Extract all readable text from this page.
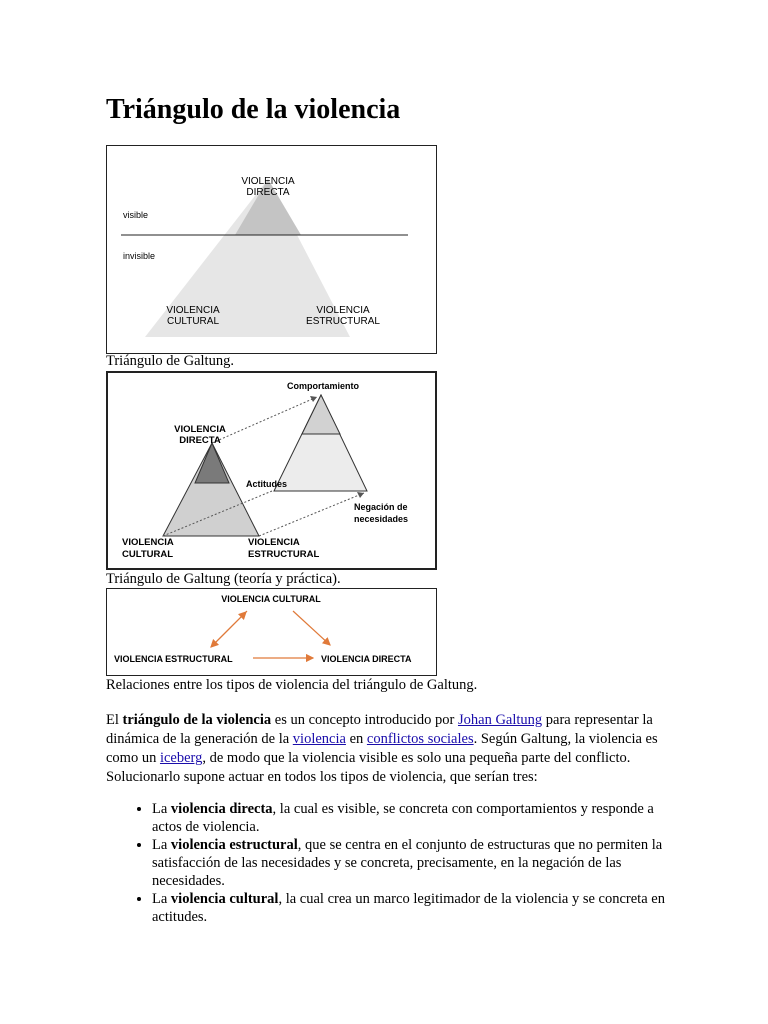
Triángulo de la violencia
VIOLENCIA
DIRECTA
visible
invisible
VIOLENCIA
CULTURAL
VIOLENCIA
ESTRUCTURAL
Triángulo de Galtung.
Comportamiento
VIOLENCIA
DIRECTA
Actitudes
Negación de
necesidades
VIOLENCIA
CULTURAL
VIOLENCIA
ESTRUCTURAL
Triángulo de Galtung (teoría y práctica).
VIOLENCIA CULTURAL
VIOLENCIA ESTRUCTURAL	VIOLENCIA DIRECTA
Relaciones entre los tipos de violencia del triángulo de Galtung.

El triángulo de la violencia es un concepto introducido por Johan Galtung para representar la dinámica de la generación de la violencia en conflictos sociales. Según Galtung, la violencia es como un iceberg, de modo que la violencia visible es solo una pequeña parte del conflicto. Solucionarlo supone actuar en todos los tipos de violencia, que serían tres:

• La violencia directa, la cual es visible, se concreta con comportamientos y responde a actos de violencia.
• La violencia estructural, que se centra en el conjunto de estructuras que no permiten la satisfacción de las necesidades y se concreta, precisamente, en la negación de las necesidades.
• La violencia cultural, la cual crea un marco legitimador de la violencia y se concreta en actitudes.
